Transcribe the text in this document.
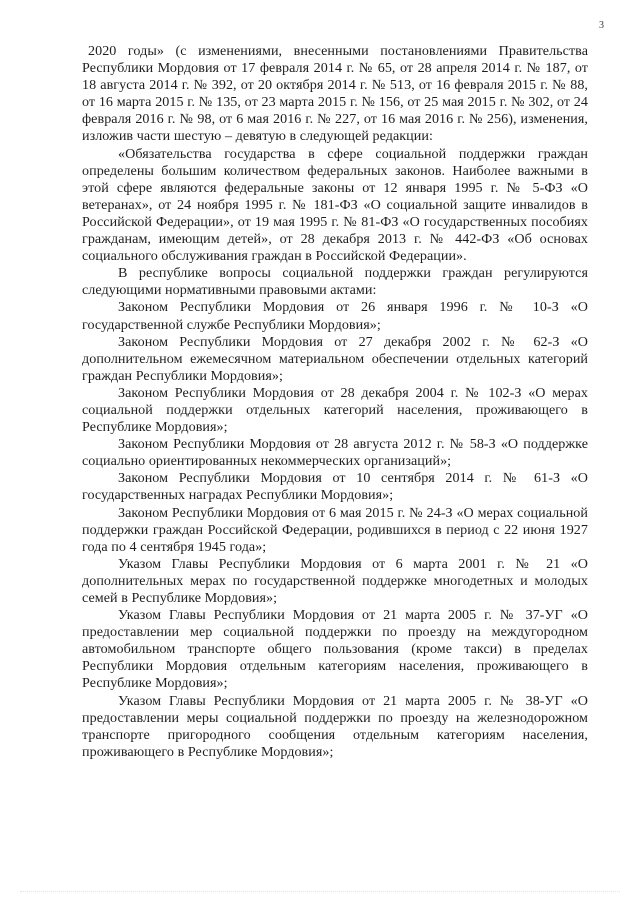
3

2020 годы» (с изменениями, внесенными постановлениями Правительства Республики Мордовия от 17 февраля 2014 г. № 65, от 28 апреля 2014 г. № 187, от 18 августа 2014 г. № 392, от 20 октября 2014 г. № 513, от 16 февраля 2015 г. № 88, от 16 марта 2015 г. № 135, от 23 марта 2015 г. № 156, от 25 мая 2015 г. № 302, от 24 февраля 2016 г. № 98, от 6 мая 2016 г. № 227, от 16 мая 2016 г. № 256), изменения, изложив части шестую – девятую в следующей редакции:

«Обязательства государства в сфере социальной поддержки граждан определены большим количеством федеральных законов. Наиболее важными в этой сфере являются федеральные законы от 12 января 1995 г. № 5-ФЗ «О ветеранах», от 24 ноября 1995 г. № 181-ФЗ «О социальной защите инвалидов в Российской Федерации», от 19 мая 1995 г. № 81-ФЗ «О государственных пособиях гражданам, имеющим детей», от 28 декабря 2013 г. № 442-ФЗ «Об основах социального обслуживания граждан в Российской Федерации».

В республике вопросы социальной поддержки граждан регулируются следующими нормативными правовыми актами:

Законом Республики Мордовия от 26 января 1996 г. № 10-З «О государственной службе Республики Мордовия»;

Законом Республики Мордовия от 27 декабря 2002 г. № 62-З «О дополнительном ежемесячном материальном обеспечении отдельных категорий граждан Республики Мордовия»;

Законом Республики Мордовия от 28 декабря 2004 г. № 102-З «О мерах социальной поддержки отдельных категорий населения, проживающего в Республике Мордовия»;

Законом Республики Мордовия от 28 августа 2012 г. № 58-З «О поддержке социально ориентированных некоммерческих организаций»;

Законом Республики Мордовия от 10 сентября 2014 г. № 61-З «О государственных наградах Республики Мордовия»;

Законом Республики Мордовия от 6 мая 2015 г. № 24-З «О мерах социальной поддержки граждан Российской Федерации, родившихся в период с 22 июня 1927 года по 4 сентября 1945 года»;

Указом Главы Республики Мордовия от 6 марта 2001 г. № 21 «О дополнительных мерах по государственной поддержке многодетных и молодых семей в Республике Мордовия»;

Указом Главы Республики Мордовия от 21 марта 2005 г. № 37-УГ «О предоставлении мер социальной поддержки по проезду на междугородном автомобильном транспорте общего пользования (кроме такси) в пределах Республики Мордовия отдельным категориям населения, проживающего в Республике Мордовия»;

Указом Главы Республики Мордовия от 21 марта 2005 г. № 38-УГ «О предоставлении меры социальной поддержки по проезду на железнодорожном транспорте пригородного сообщения отдельным категориям населения, проживающего в Республике Мордовия»;
